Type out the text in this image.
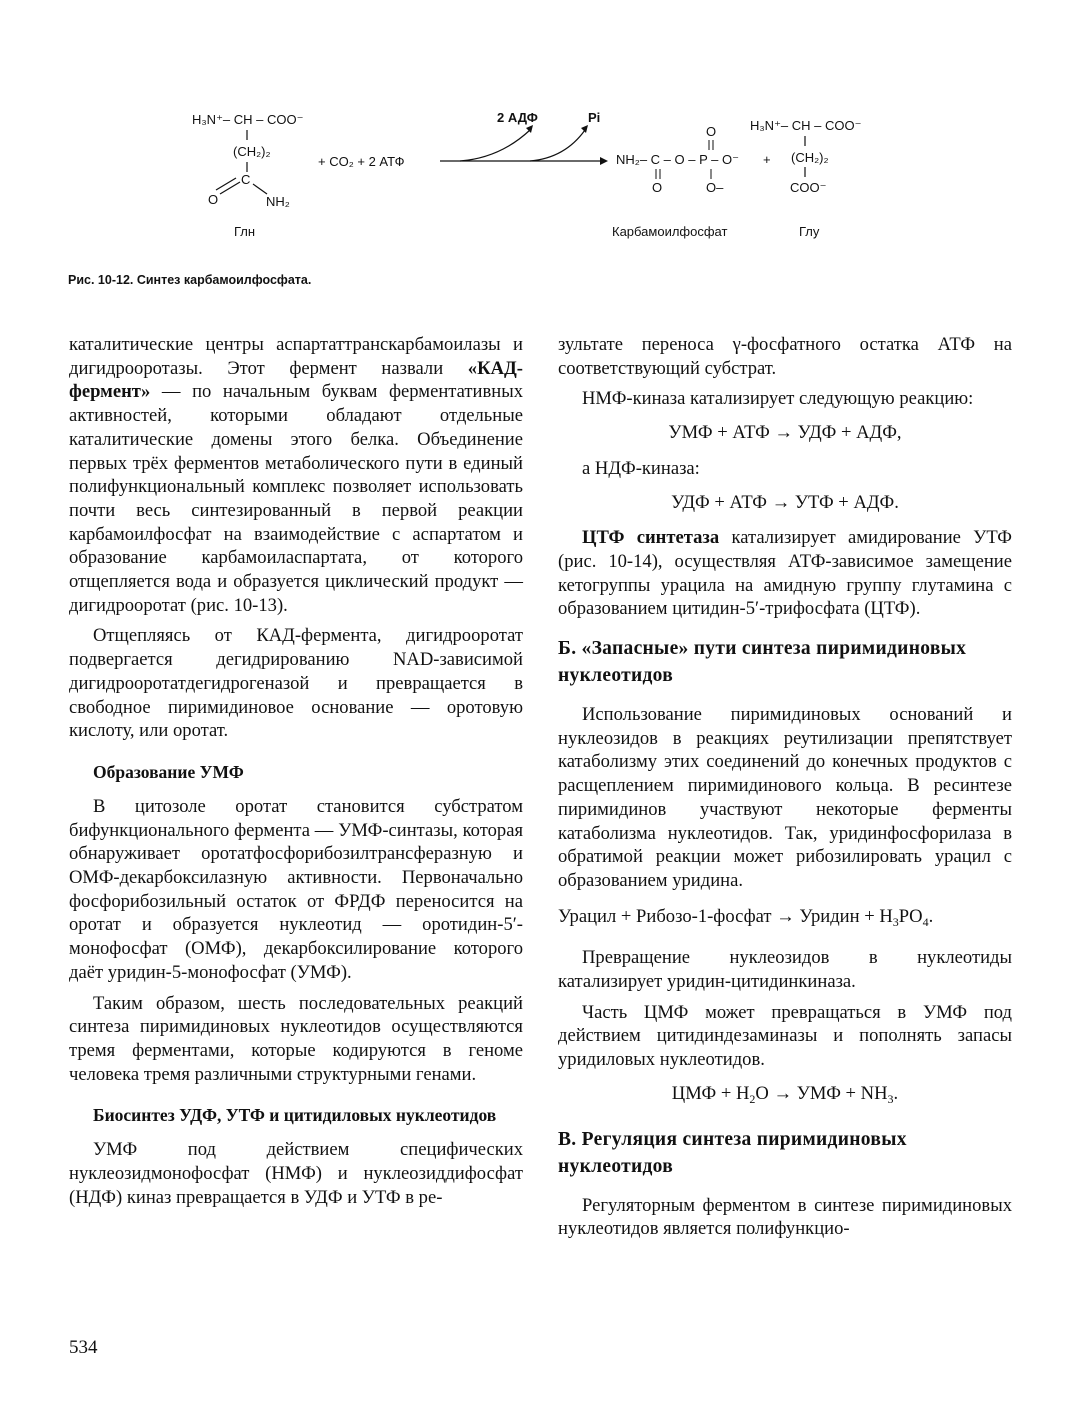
H₃N⁺– CH – COO⁻
(CH₂)₂
C
O	NH₂
+ CO₂ + 2 АТФ
2 АДФ	Pi
O
NH₂– C – O – P – O⁻
O	O–
+
H₃N⁺– CH – COO⁻
(CH₂)₂
COO⁻
Глн	Карбамоилфосфат	Глу
Рис. 10-12. Синтез карбамоилфосфата.

каталитические центры аспартаттранскарбамоилазы и дигидрооротазы. Этот фермент назвали «КАД-фермент» — по начальным буквам ферментативных активностей, которыми обладают отдельные каталитические домены этого белка. Объединение первых трёх ферментов метаболического пути в единый полифункциональный комплекс позволяет использовать почти весь синтезированный в первой реакции карбамоилфосфат на взаимодействие с аспартатом и образование карбамоиласпартата, от которого отщепляется вода и образуется циклический продукт — дигидрооротат (рис. 10-13).

Отщепляясь от КАД-фермента, дигидрооротат подвергается дегидрированию NAD-зависимой дигидрооротатдегидрогеназой и превращается в свободное пиримидиновое основание — оротовую кислоту, или оротат.

Образование УМФ

В цитозоле оротат становится субстратом бифункционального фермента — УМФ-синтазы, которая обнаруживает оротатфосфорибозилтрансферазную и ОМФ-декарбоксилазную активности. Первоначально фосфорибозильный остаток от ФРДФ переносится на оротат и образуется нуклеотид — оротидин-5′-монофосфат (ОМФ), декарбоксилирование которого даёт уридин-5-монофосфат (УМФ).

Таким образом, шесть последовательных реакций синтеза пиримидиновых нуклеотидов осуществляются тремя ферментами, которые кодируются в геноме человека тремя различными структурными генами.

Биосинтез УДФ, УТФ и цитидиловых нуклеотидов

УМФ под действием специфических нуклеозидмонофосфат (НМФ) и нуклеозиддифосфат (НДФ) киназ превращается в УДФ и УТФ в ре-

зультате переноса γ-фосфатного остатка АТФ на соответствующий субстрат.

НМФ-киназа катализирует следующую реакцию:

УМФ + АТФ → УДФ + АДФ,

а НДФ-киназа:

УДФ + АТФ → УТФ + АДФ.

ЦТФ синтетаза катализирует амидирование УТФ (рис. 10-14), осуществляя АТФ-зависимое замещение кетогруппы урацила на амидную группу глутамина с образованием цитидин-5′-трифосфата (ЦТФ).

Б. «Запасные» пути синтеза пиримидиновых нуклеотидов

Использование пиримидиновых оснований и нуклеозидов в реакциях реутилизации препятствует катаболизму этих соединений до конечных продуктов с расщеплением пиримидинового кольца. В ресинтезе пиримидинов участвуют некоторые ферменты катаболизма нуклеотидов. Так, уридинфосфорилаза в обратимой реакции может рибозилировать урацил с образованием уридина.

Урацил + Рибозо-1-фосфат → Уридин + $H_3PO_4$.

Превращение нуклеозидов в нуклеотиды катализирует уридин-цитидинкиназа.

Часть ЦМФ может превращаться в УМФ под действием цитидиндезаминазы и пополнять запасы уридиловых нуклеотидов.

ЦМФ + $H_2O$ → УМФ + $NH_3$.

В. Регуляция синтеза пиримидиновых нуклеотидов

Регуляторным ферментом в синтезе пиримидиновых нуклеотидов является полифункцио-

534
